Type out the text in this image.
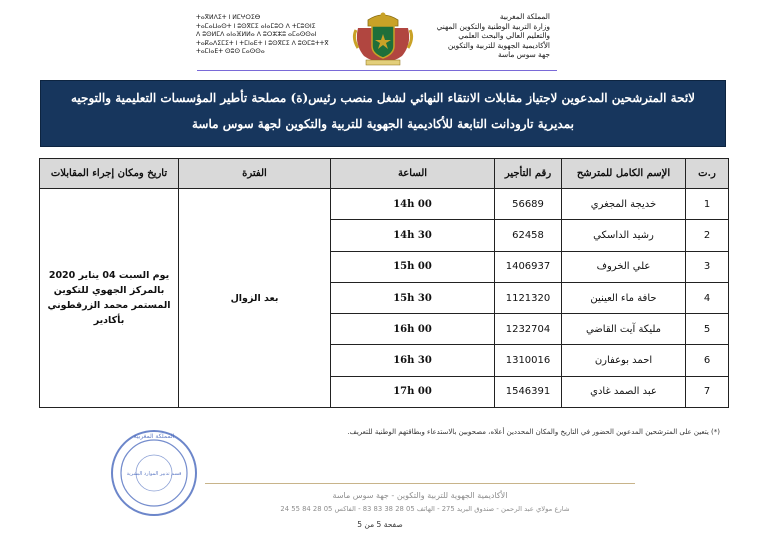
ⵜⴰⴳⵍⴷⵉⵜ ⵏ ⵍⵎⵖⵔⵉⴱ
ⵜⴰⵎⴰⵡⴰⵙⵜ ⵏ ⵓⵙⴳⵎⵉ ⴰⵏⴰⵎⵓⵔ ⴷ ⵜⵎⵓⵙⵏⵉ
ⴷ ⵓⵙⵍⵎⴷ ⴰⵏⴰⴼⵍⵍⴰ ⴷ ⵓⵔⵣⵣⵓ ⴰⵎⴰⵙⵙⴰⵏ
ⵜⴰⴽⴰⴷⵉⵎⵉⵜ ⵏ ⵜⵎⵏⴰⴹⵜ ⵏ ⵓⵙⴳⵎⵉ ⴷ ⵓⵙⵎⵓⵜⵜⴳ
ⵜⴰⵎⵏⴰⴹⵜ ⵙⵓⵙ ⵎⴰⵙⵙⴰ
المملكة المغربية
وزارة التربية الوطنية والتكوين المهني
والتعليم العالي والبحث العلمي
الأكاديمية الجهوية للتربية والتكوين
جهة سوس ماسة
لائحة المترشحين المدعوين لاجتياز مقابلات الانتقاء النهائي لشغل منصب رئيس(ة) مصلحة تأطير المؤسسات التعليمية والتوجيه
بمديرية تارودانت التابعة للأكاديمية الجهوية للتربية والتكوين لجهة سوس ماسة
ر.ت	الإسم الكامل للمترشح	رقم التأجير	الساعة	الفترة	تاريخ ومكان إجراء المقابلات
1	خديجة المجغري	56689	14h 00	بعد الزوال	يوم السبت 04 يناير 2020 بالمركز الجهوي للتكوين المستمر محمد الزرقطوني بأكادير
2	رشيد الداسكي	62458	14h 30		
3	علي الخروف	1406937	15h 00		
4	حافة ماء العينين	1121320	15h 30		
5	مليكة آيت القاضي	1232704	16h 00		
6	احمد بوعفارن	1310016	16h 30		
7	عبد الصمد غادي	1546391	17h 00		
(*) يتعين على المترشحين المدعوين الحضور في التاريخ والمكان المحددين أعلاه، مصحوبين بالاستدعاء وبطاقتهم الوطنية للتعريف.
المملكة المغربية
قسم تدبير الموارد البشرية
الأكاديمية الجهوية للتربية والتكوين - جهة سوس ماسة
شارع مولاي عبد الرحمن - صندوق البريد 275 - الهاتف 05 28 38 83 83 - الفاكس 05 28 84 55 24
صفحة 5 من 5
